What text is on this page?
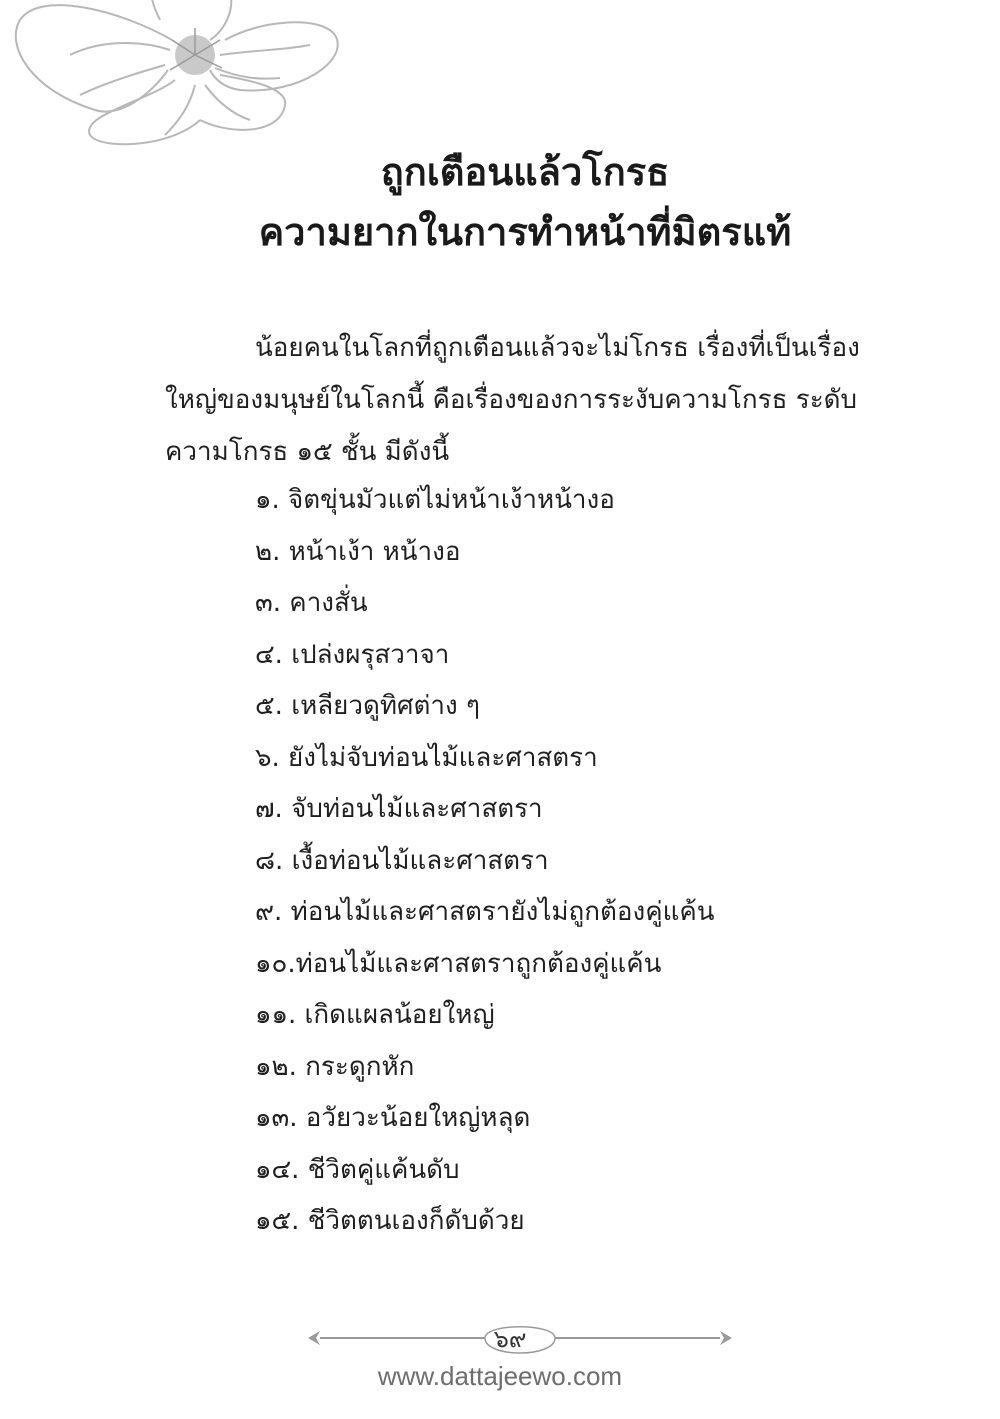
ถูกเตือนแล้วโกรธ
ความยากในการทำหน้าที่มิตรแท้
น้อยคนในโลกที่ถูกเตือนแล้วจะไม่โกรธ เรื่องที่เป็นเรื่อง
ใหญ่ของมนุษย์ในโลกนี้ คือเรื่องของการระงับความโกรธ ระดับ
ความโกรธ ๑๕ ชั้น มีดังนี้
๑. จิตขุ่นมัวแต่ไม่หน้าเง้าหน้างอ
๒. หน้าเง้า หน้างอ
๓. คางสั่น
๔. เปล่งผรุสวาจา
๕. เหลียวดูทิศต่าง ๆ
๖. ยังไม่จับท่อนไม้และศาสตรา
๗. จับท่อนไม้และศาสตรา
๘. เงื้อท่อนไม้และศาสตรา
๙. ท่อนไม้และศาสตรายังไม่ถูกต้องคู่แค้น
๑๐.ท่อนไม้และศาสตราถูกต้องคู่แค้น
๑๑. เกิดแผลน้อยใหญ่
๑๒. กระดูกหัก
๑๓. อวัยวะน้อยใหญ่หลุด
๑๔. ชีวิตคู่แค้นดับ
๑๕. ชีวิตตนเองก็ดับด้วย
๖๙
www.dattajeewo.com
